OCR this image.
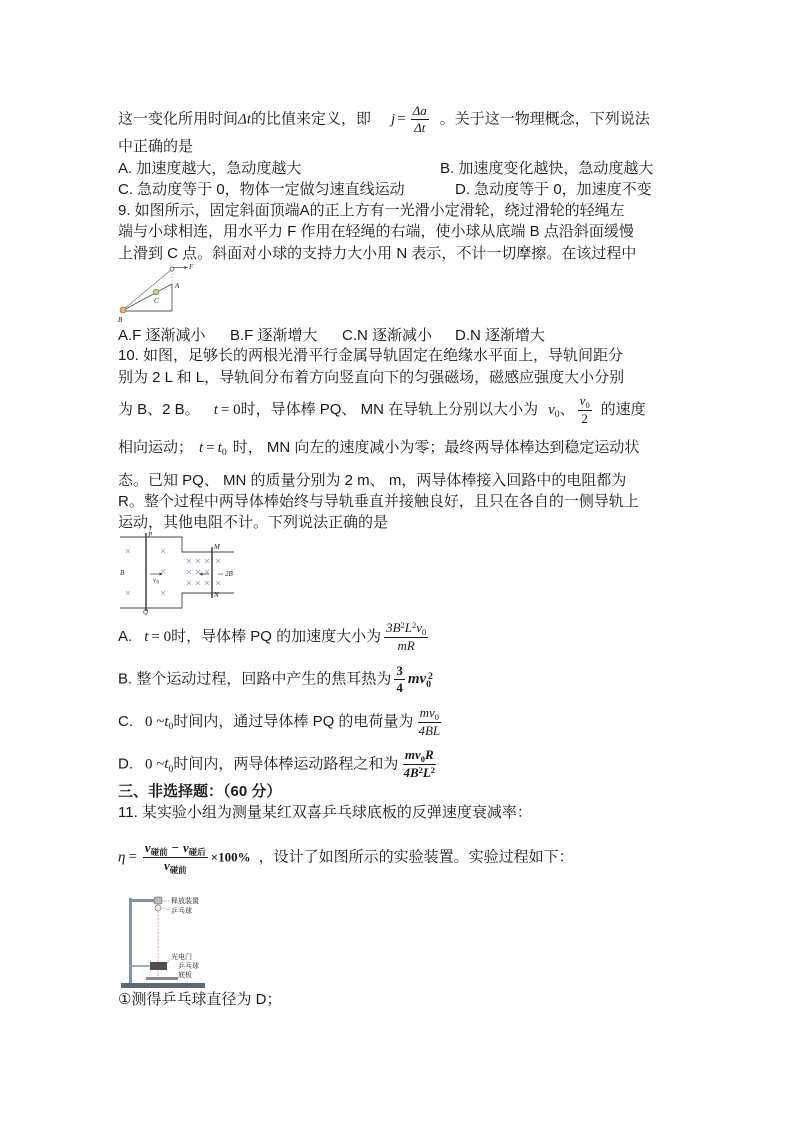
这一变化所用时间Δt的比值来定义，即 $j = \frac{\Delta a}{\Delta t}$ 。关于这一物理概念，下列说法
中正确的是
A. 加速度越大，急动度越大	B. 加速度变化越快，急动度越大
C. 急动度等于 0，物体一定做匀速直线运动	D. 急动度等于 0，加速度不变
9. 如图所示，固定斜面顶端A的正上方有一光滑小定滑轮，绕过滑轮的轻绳左
端与小球相连，用水平力 F 作用在轻绳的右端，使小球从底端 B 点沿斜面缓慢
上滑到 C 点。斜面对小球的支持力大小用 N 表示，不计一切摩擦。在该过程中
F
A
C
B
A.F 逐渐减小 B.F 逐渐增大 C.N 逐渐减小 D.N 逐渐增大
10. 如图，足够长的两根光滑平行金属导轨固定在绝缘水平面上，导轨间距分
别为 2 L 和 L，导轨间分布着方向竖直向下的匀强磁场，磁感应强度大小分别
为 B、2 B。 t = 0时，导体棒 PQ、 MN 在导轨上分别以大小为 $v_0$、 $\frac{v_0}{2}$ 的速度
相向运动； $t = t_0$ 时， MN 向左的速度减小为零；最终两导体棒达到稳定运动状
态。已知 PQ、 MN 的质量分别为 2 m、 m，两导体棒接入回路中的电阻都为
R。整个过程中两导体棒始终与导轨垂直并接触良好，且只在各自的一侧导轨上
运动，其他电阻不计。下列说法正确的是
P
Q
M
N
B	2B
v 0
A. t = 0时，导体棒 PQ 的加速度大小为 $\frac{3B^2L^2v_0}{mR}$
B. 整个运动过程，回路中产生的焦耳热为 $\frac{3}{4} mv_0^2$
C. 0 $\sim t_0$时间内，通过导体棒 PQ 的电荷量为 $\frac{mv_0}{4BL}$
D. 0 $\sim t_0$时间内，两导体棒运动路程之和为 $\frac{mv_0R}{4B^2L^2}$
三、非选择题：（60 分）
11. 某实验小组为测量某红双喜乒乓球底板的反弹速度衰减率：
η =
$v_{碰前} - v_{碰后}$
$v_{碰前}$
×100% ，设计了如图所示的实验装置。实验过程如下：
释放装置
乒乓球
光电门
乒乓球
底板
①测得乒乓球直径为 D；
